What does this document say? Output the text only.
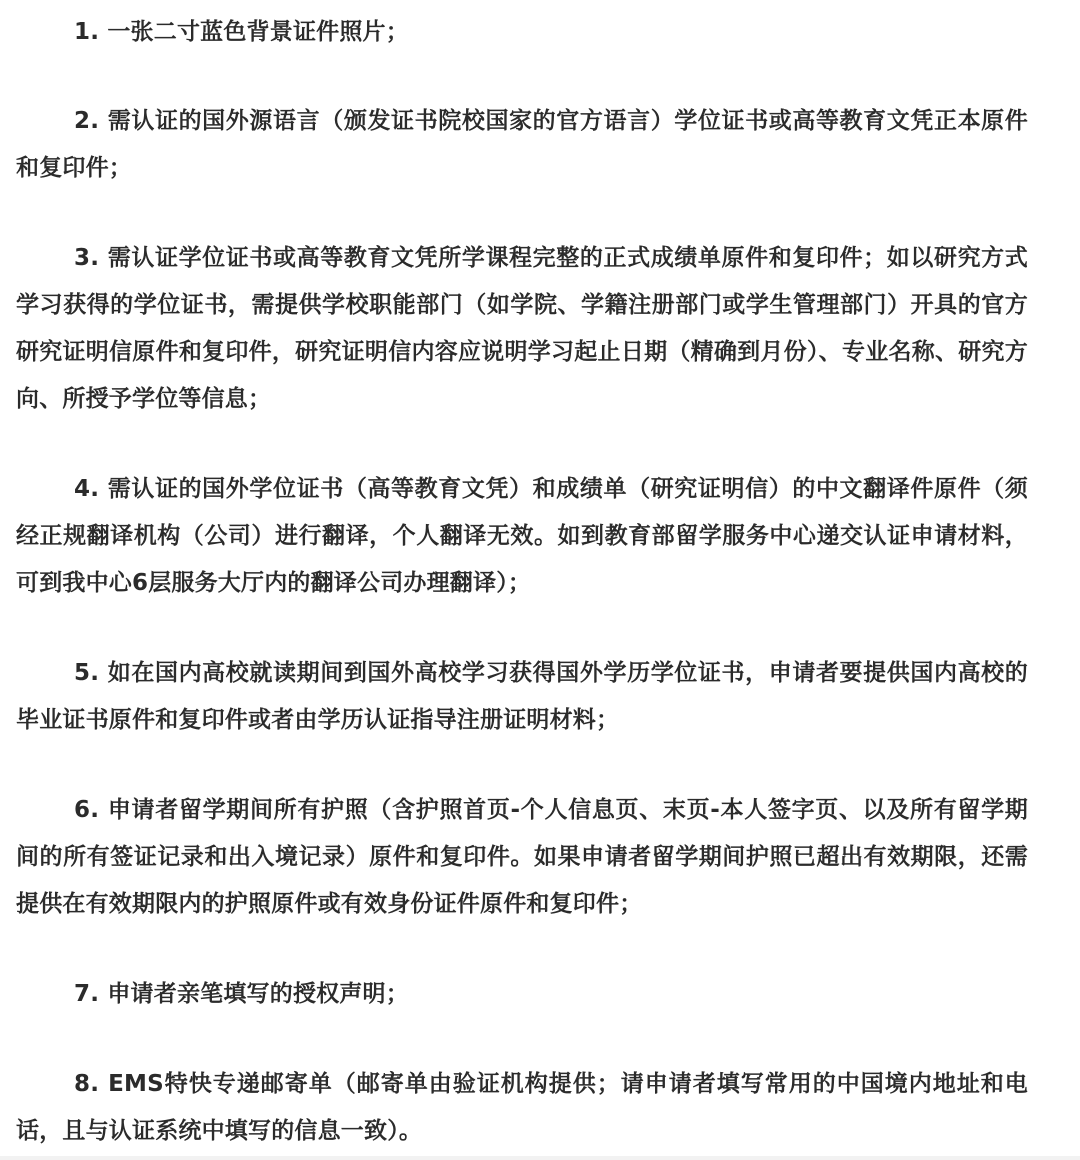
1. 一张二寸蓝色背景证件照片；

2. 需认证的国外源语言（颁发证书院校国家的官方语言）学位证书或高等教育文凭正本原件和复印件；

3. 需认证学位证书或高等教育文凭所学课程完整的正式成绩单原件和复印件；如以研究方式学习获得的学位证书，需提供学校职能部门（如学院、学籍注册部门或学生管理部门）开具的官方研究证明信原件和复印件，研究证明信内容应说明学习起止日期（精确到月份）、专业名称、研究方向、所授予学位等信息；

4. 需认证的国外学位证书（高等教育文凭）和成绩单（研究证明信）的中文翻译件原件（须经正规翻译机构（公司）进行翻译，个人翻译无效。如到教育部留学服务中心递交认证申请材料，可到我中心6层服务大厅内的翻译公司办理翻译）；

5. 如在国内高校就读期间到国外高校学习获得国外学历学位证书，申请者要提供国内高校的毕业证书原件和复印件或者由学历认证指导注册证明材料；

6. 申请者留学期间所有护照（含护照首页-个人信息页、末页-本人签字页、以及所有留学期间的所有签证记录和出入境记录）原件和复印件。如果申请者留学期间护照已超出有效期限，还需提供在有效期限内的护照原件或有效身份证件原件和复印件；

7. 申请者亲笔填写的授权声明；

8. EMS特快专递邮寄单（邮寄单由验证机构提供；请申请者填写常用的中国境内地址和电话，且与认证系统中填写的信息一致）。
